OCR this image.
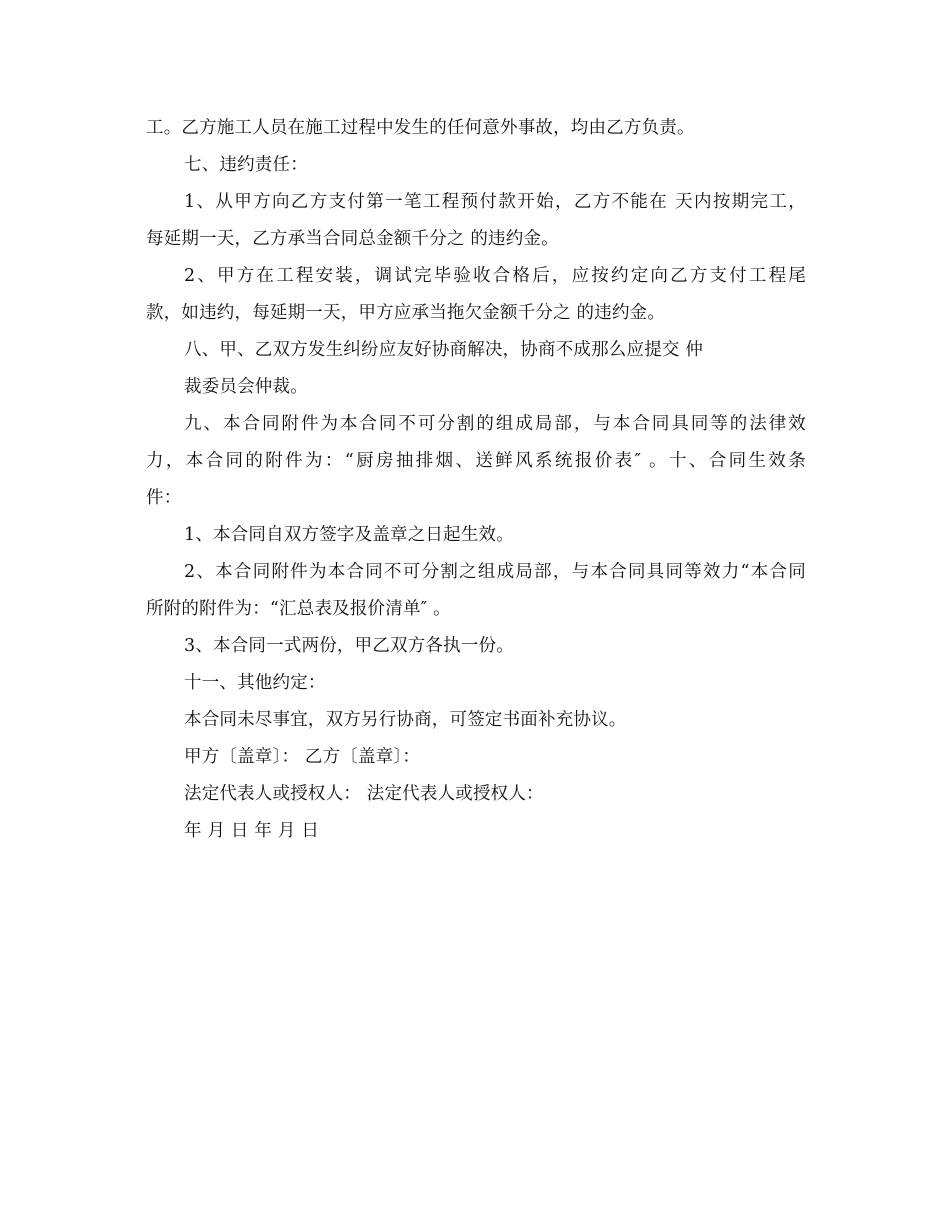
工。乙方施工人员在施工过程中发生的任何意外事故，均由乙方负责。
七、违约责任：
1、从甲方向乙方支付第一笔工程预付款开始，乙方不能在 天内按期完工，
每延期一天，乙方承当合同总金额千分之 的违约金。
2、甲方在工程安装，调试完毕验收合格后，应按约定向乙方支付工程尾
款，如违约，每延期一天，甲方应承当拖欠金额千分之 的违约金。
八、甲、乙双方发生纠纷应友好协商解决，协商不成那么应提交 仲
裁委员会仲裁。
九、本合同附件为本合同不可分割的组成局部，与本合同具同等的法律效
力，本合同的附件为：“厨房抽排烟、送鲜风系统报价表″ 。十、合同生效条
件：
1、本合同自双方签字及盖章之日起生效。
2、本合同附件为本合同不可分割之组成局部，与本合同具同等效力“本合同
所附的附件为：“汇总表及报价清单″ 。
3、本合同一式两份，甲乙双方各执一份。
十一、其他约定：
本合同未尽事宜，双方另行协商，可签定书面补充协议。
甲方〔盖章〕： 乙方〔盖章〕：
法定代表人或授权人： 法定代表人或授权人：
年 月 日 年 月 日
